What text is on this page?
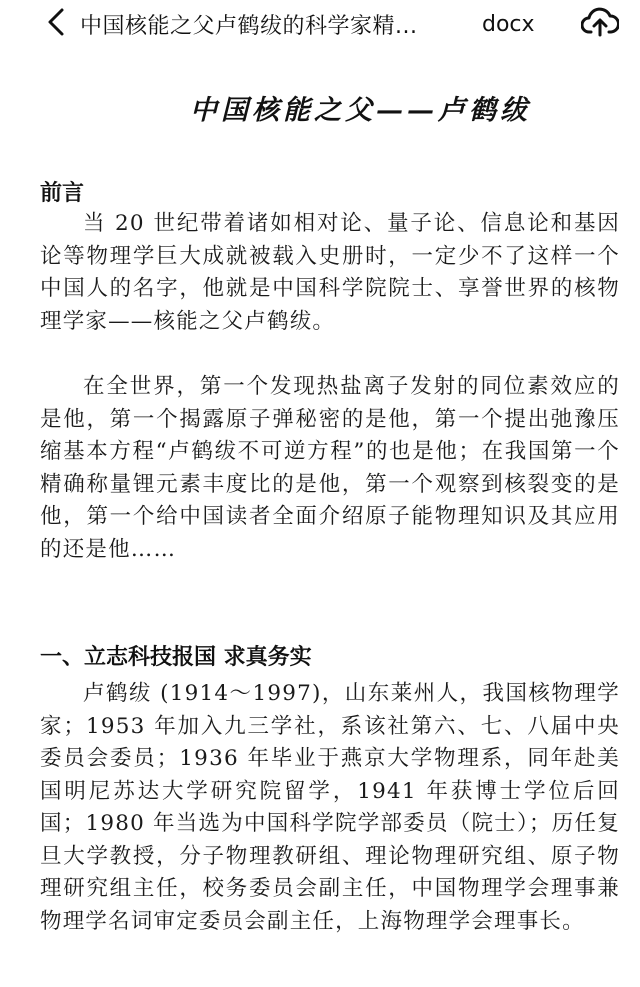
中国核能之父卢鹤绂的科学家精...	docx
中国核能之父——卢鹤绂
前言
当 20 世纪带着诸如相对论、量子论、信息论和基因论等物理学巨大成就被载入史册时，一定少不了这样一个中国人的名字，他就是中国科学院院士、享誉世界的核物理学家——核能之父卢鹤绂。
在全世界，第一个发现热盐离子发射的同位素效应的是他，第一个揭露原子弹秘密的是他，第一个提出弛豫压缩基本方程“卢鹤绂不可逆方程”的也是他；在我国第一个精确称量锂元素丰度比的是他，第一个观察到核裂变的是他，第一个给中国读者全面介绍原子能物理知识及其应用的还是他……
一、立志科技报国 求真务实
卢鹤绂 (1914～1997)，山东莱州人，我国核物理学家；1953 年加入九三学社，系该社第六、七、八届中央委员会委员；1936 年毕业于燕京大学物理系，同年赴美国明尼苏达大学研究院留学，1941 年获博士学位后回国；1980 年当选为中国科学院学部委员（院士）；历任复旦大学教授，分子物理教研组、理论物理研究组、原子物理研究组主任，校务委员会副主任，中国物理学会理事兼物理学名词审定委员会副主任，上海物理学会理事长。
